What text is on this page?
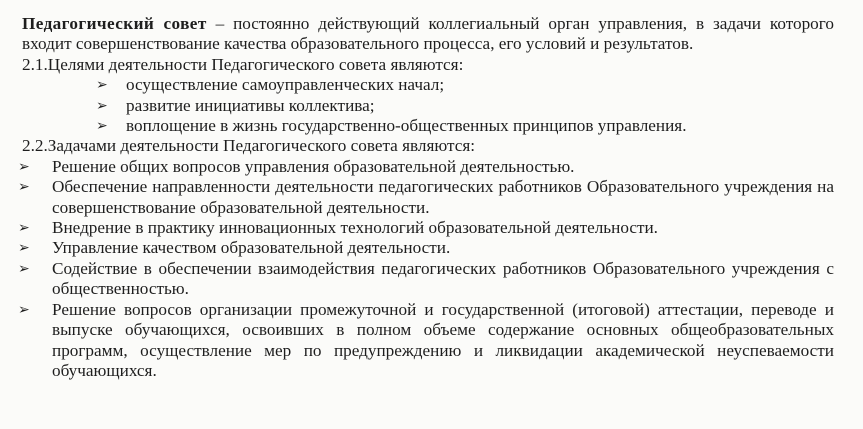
Педагогический совет – постоянно действующий коллегиальный орган управления, в задачи которого входит совершенствование качества образовательного процесса, его условий и результатов.

2.1.Целями деятельности Педагогического совета являются:

➢ осуществление самоуправленческих начал;
➢ развитие инициативы коллектива;
➢ воплощение в жизнь государственно-общественных принципов управления.

2.2.Задачами деятельности Педагогического совета являются:

➢ Решение общих вопросов управления образовательной деятельностью.
➢ Обеспечение направленности деятельности педагогических работников Образовательного учреждения на совершенствование образовательной деятельности.
➢ Внедрение в практику инновационных технологий образовательной деятельности.
➢ Управление качеством образовательной деятельности.
➢ Содействие в обеспечении взаимодействия педагогических работников Образовательного учреждения с общественностью.
➢ Решение вопросов организации промежуточной и государственной (итоговой) аттестации, переводе и выпуске обучающихся, освоивших в полном объеме содержание основных общеобразовательных программ, осуществление мер по предупреждению и ликвидации академической неуспеваемости обучающихся.
